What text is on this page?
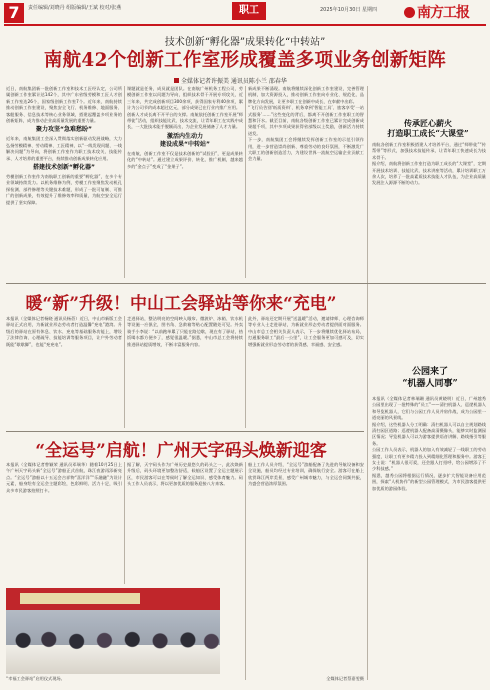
7	责任编辑/刘晓丹 组版编辑/王斌 校对/张燕	职工	2025年10月30日 星期四	南方工报
技术创新“孵化器”成果转化“中转站”
南航42个创新工作室形成覆盖多项业务创新矩阵
全媒体记者许振美 通讯员陈小兰 邵春华
近日，南航集团新一批创新工作室和技术工匠经认定，公司所属创新工作室累计达142个，其中广东省级劳模和工匠人才创新工作室达26个，国家级创新工作室7个。近年来，南航持续推动创新工作室建设，聚焦安全飞行、机务维修、地面服务、客舱服务、信息技术等核心业务领域，搭建起覆盖多项业务的创新矩阵，成为推动企业高质量发展的重要力量。
聚力攻坚“急难愁盼”
近年来，南航集团工会深入贯彻落实创新驱动发展战略，大力弘扬劳模精神、劳动精神、工匠精神，以“一线发现问题、一线解决问题”为导向，将创新工作室作为职工技术攻关、技能传承、人才培养的重要平台，持续推动创新成果转化应用。
搭建技术创新“孵化器”
劳模创新工作室作为南航职工创新的重要“孵化器”，在多个专业领域持续发力。以机务维修为例，劳模工作室聚焦发动机孔探检测、部件修理等关键技术难题，形成了一批可复制、可推广的创新成果，有效提升了维修效率和质量，为航空安全运行提供了坚实保障。
课题就是任务，成员就是团队。在南航广州机务工程公司，劳模创新工作室以问题为导向，组织技术骨干开展专项攻关，近三年来，共完成创新项目300余项，获得国家专利40余项，累计为公司节约成本超过亿元，部分成果已在行业内推广应用。
创新人才成长离不开平台的支撑。南航依托创新工作室开展“师带徒”活动，组织技能比武、技术交流，让青年职工在实践中成长，一大批技术能手脱颖而出，为企业发展储备了人才力量。
激活内生动力
建设成果“中转站”
在南航，创新工作室不仅是技术创新的“试验田”，更是成果转化的“中转站”。通过建立成果评价、转化、推广机制，越来越多的“金点子”变成了“金果子”。
新成果不断涌现。南航将继续深化创新工作室建设，完善管理机制，加大资源投入，推动创新工作室向专业化、规范化、品牌化方向发展，让更多职工在创新中成长、在奉献中出彩。
“飞行员告别‘纸质资料’、机务拿到‘智能工具’、旅客享受‘一站式服务’……”这些变化的背后，都离不开创新工作室职工的智慧和汗水。截至目前，南航各级创新工作室已累计完成创新成果超千项，其中多项成果获得省部级以上奖励，创新活力持续迸发。
下一步，南航集团工会将继续发挥创新工作室的示范引领作用，进一步营造崇尚创新、尊重劳动的良好氛围，不断激发广大职工的创新创造活力，为建设世界一流航空运输企业贡献工会力量。
传承匠心薪火
打造职工成长“大课堂”
南航各创新工作室积极搭建人才培养平台，通过“师带徒”“传帮带”等形式，加强技术技能传承，让青年职工快速成长为技术骨干。
据介绍，南航将创新工作室打造为职工成长的“大课堂”，定期开展技术培训、技能比武、技术讲座等活动，累计培训职工万余人次，培养了一批高素质技术技能人才队伍，为企业高质量发展注入源源不断的动力。
暖“新”升级！中山工会驿站等你来“充电”
本报讯（全媒体记者杨晓 通讯员杨蓓）近日，中山市新版工会驿站正式启用，为新就业形态劳动者打造温馨“充电”港湾。升级后的驿站在原有休息、饮水、充电等基础服务功能上，增设了法律咨询、心理疏导、技能培训等服务项目，让户外劳动者既能“歇歇脚”，也能“充充电”。
走进驿站，整洁明亮的空间映入眼帘。微波炉、冰箱、饮水机等设施一应俱全，图书角、急救箱等贴心配置随处可见。外卖骑手小李说：“以前跑单累了只能在路边歇，现在有了驿站，热饭喝水都方便多了，感觉很温暖。”据悉，中山市总工会将持续推进驿站提质增效，不断丰富服务内容。
此外，驿站还定期开展“送温暖”活动，邀请律师、心理咨询师等专业人士走进驿站，为新就业形态劳动者提供面对面服务。中山市总工会相关负责人表示，下一步将继续优化驿站布局，打通服务职工“最后一公里”，让工会服务更加可感可及，切实增强新就业形态劳动者的获得感、幸福感、安全感。
“全运号”启航！广州天字码头焕新迎客
本报讯（全媒体记者曾颖荣 通讯员邓瑞华）随着10月25日上午广州天字码头新“全运号”游船正式首航，珠江夜游再添新亮点。“全运号”游船以十五运会吉祥物“喜洋洋”“乐融融”为设计元素，船身绘有全运会主题彩绘，色彩鲜明、活力十足，吸引众多市民游客拍照打卡。
据了解，天字码头作为广州历史最悠久的码头之一，此次焕新升级后，码头环境更加整洁舒适，候船区设置了全运主题展示区，市民游客可以在等候时了解全运知识、感受体育魅力。码头工作人员表示，将以更加优质的服务迎接八方来客。
船上工作人员介绍，“全运号”游船配备了先进的导航设备和安全设施，船员均经过专业培训，确保航行安全。游客可在船上欣赏珠江两岸美景，感受广州城市魅力，与全运会同频共振，为盛会营造浓厚氛围。
“幸福工会驿站”启用仪式现场。	全媒体记者蔡嘉雯摄
公园来了
“机器人同事”
本报讯（全媒体记者林瑞珊 通讯员黄晓明）近日，广州越秀公园里出现了一批特殊的“员工”——清扫机器人、巡逻机器人和导览机器人，它们与公园工作人员并肩作战，成为公园里一道亮丽的风景线。
据介绍，这些机器人分工明确：清扫机器人可以自主规划路线清扫园区道路；巡逻机器人配备高清摄像头，能够实时监测园区情况；导览机器人可以为游客提供语音讲解、路线指引等服务。
公园工作人员表示，机器人的加入有效减轻了一线职工的劳动强度，让职工有更多精力投入到精细化管理和服务中。游客王女士说：“机器人很可爱，还会跟人打招呼，给公园增添了不少科技感。”
据悉，越秀公园将根据运行情况，逐步扩大智能设备应用范围，探索“人机协作”的新型公园管理模式，为市民游客提供更加优质的游园体验。
